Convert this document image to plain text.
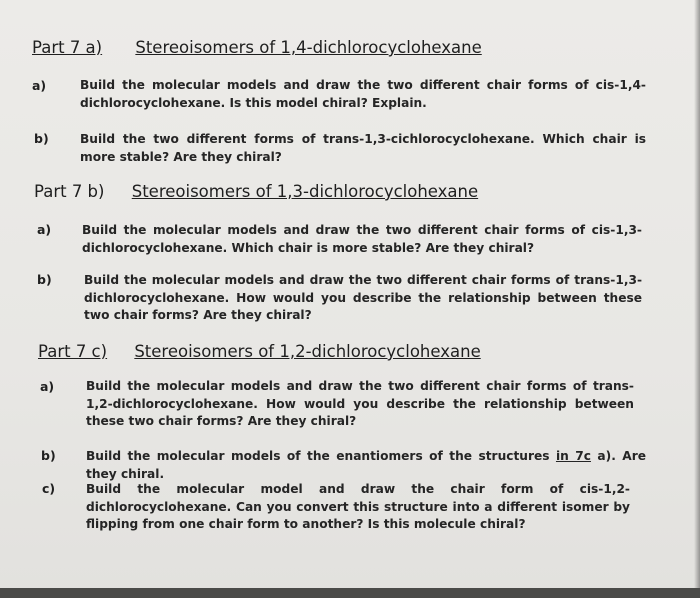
Part 7 a) Stereoisomers of 1,4-dichlorocyclohexane
a)	Build the molecular models and draw the two different chair forms of cis-1,4-dichlorocyclohexane. Is this model chiral? Explain.
b)	Build the two different forms of trans-1,3-cichlorocyclohexane. Which chair is more stable? Are they chiral?
Part 7 b) Stereoisomers of 1,3-dichlorocyclohexane
a)	Build the molecular models and draw the two different chair forms of cis-1,3-dichlorocyclohexane. Which chair is more stable? Are they chiral?
b)	Build the molecular models and draw the two different chair forms of trans-1,3-dichlorocyclohexane. How would you describe the relationship between these two chair forms? Are they chiral?
Part 7 c) Stereoisomers of 1,2-dichlorocyclohexane
a)	Build the molecular models and draw the two different chair forms of trans-1,2-dichlorocyclohexane. How would you describe the relationship between these two chair forms? Are they chiral?
b) Build the molecular models of the enantiomers of the structures in 7c a). Are they chiral.
c)	Build the molecular model and draw the chair form of cis-1,2-dichlorocyclohexane. Can you convert this structure into a different isomer by flipping from one chair form to another? Is this molecule chiral?
